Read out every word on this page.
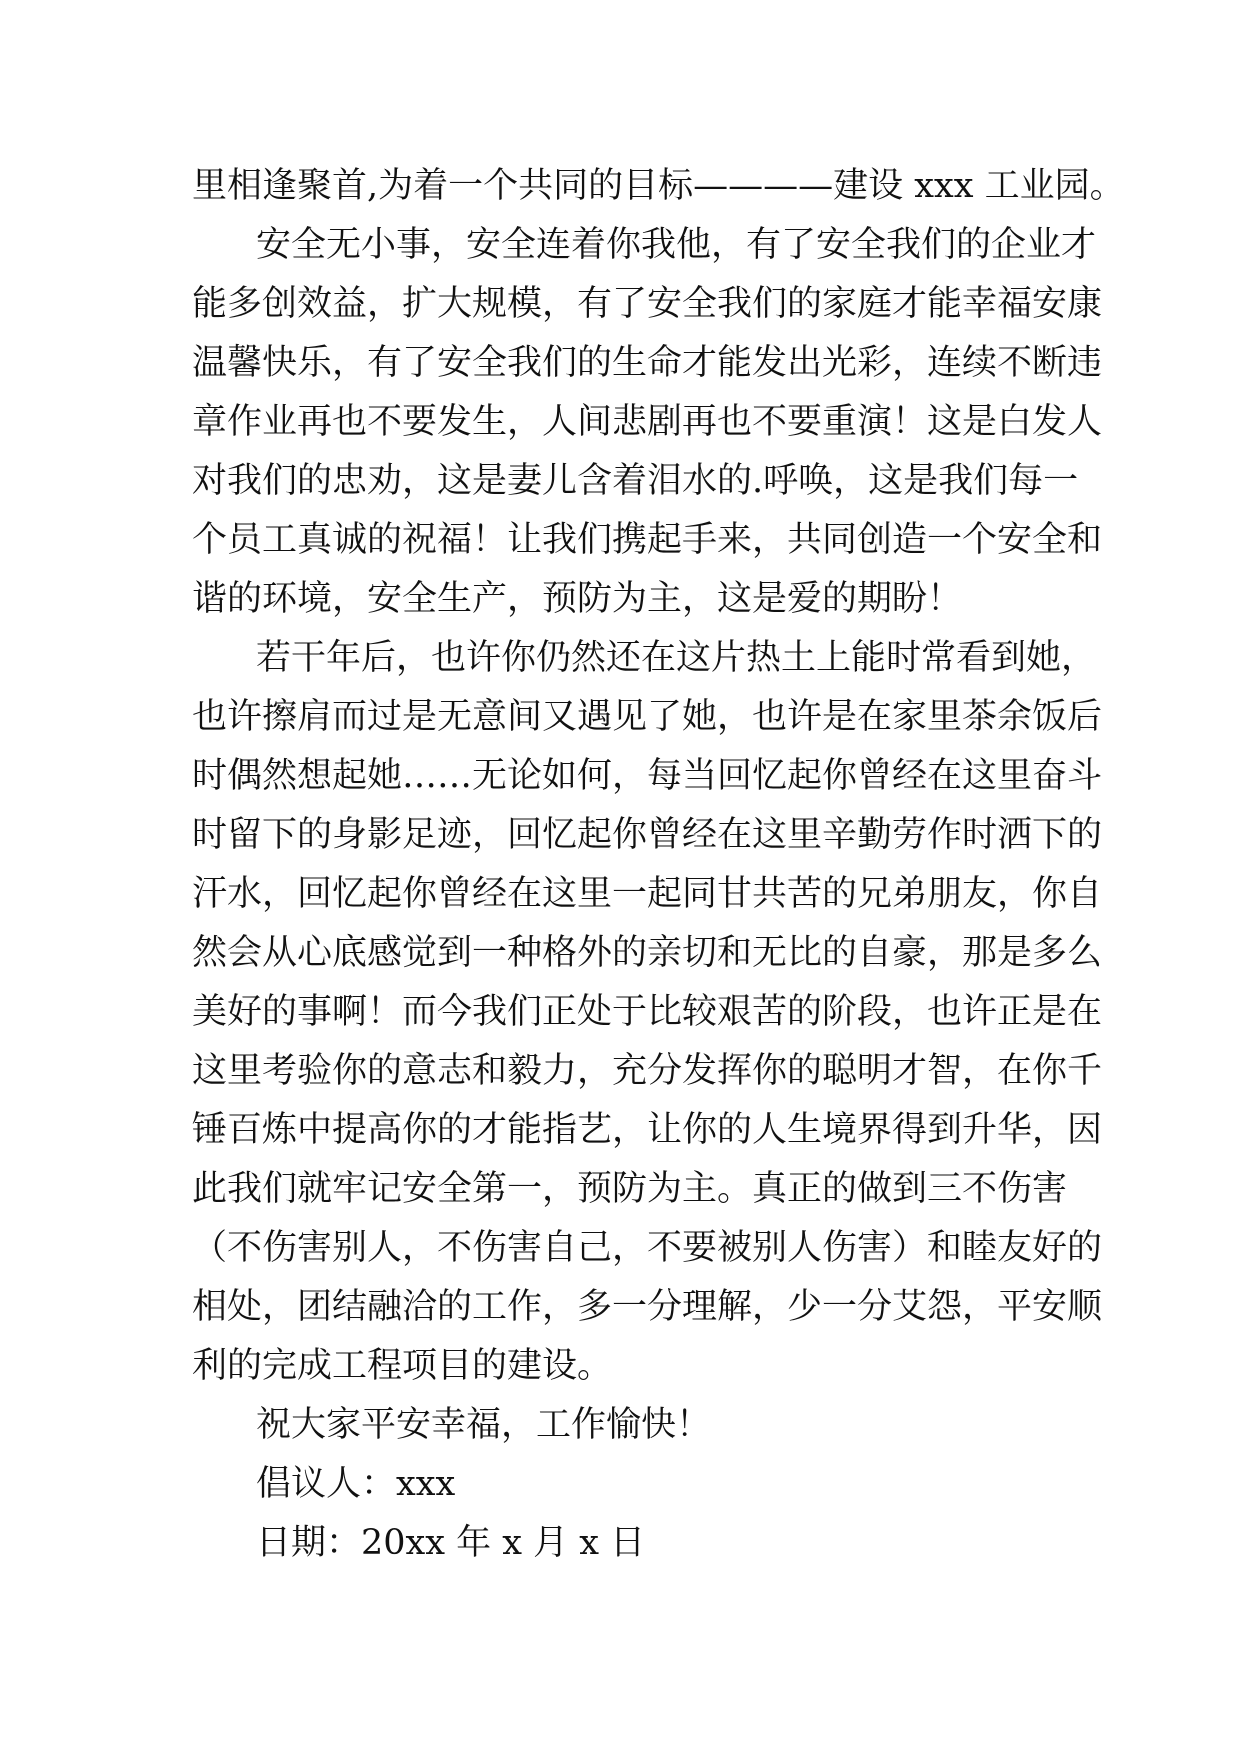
里相逢聚首,为着一个共同的目标————建设 xxx 工业园。
安全无小事，安全连着你我他，有了安全我们的企业才
能多创效益，扩大规模，有了安全我们的家庭才能幸福安康
温馨快乐，有了安全我们的生命才能发出光彩，连续不断违
章作业再也不要发生，人间悲剧再也不要重演！这是白发人
对我们的忠劝，这是妻儿含着泪水的.呼唤，这是我们每一
个员工真诚的祝福！让我们携起手来，共同创造一个安全和
谐的环境，安全生产，预防为主，这是爱的期盼！
若干年后，也许你仍然还在这片热土上能时常看到她，
也许擦肩而过是无意间又遇见了她，也许是在家里茶余饭后
时偶然想起她……无论如何，每当回忆起你曾经在这里奋斗
时留下的身影足迹，回忆起你曾经在这里辛勤劳作时洒下的
汗水，回忆起你曾经在这里一起同甘共苦的兄弟朋友，你自
然会从心底感觉到一种格外的亲切和无比的自豪，那是多么
美好的事啊！而今我们正处于比较艰苦的阶段，也许正是在
这里考验你的意志和毅力，充分发挥你的聪明才智，在你千
锤百炼中提高你的才能指艺，让你的人生境界得到升华，因
此我们就牢记安全第一，预防为主。真正的做到三不伤害
（不伤害别人，不伤害自己，不要被别人伤害）和睦友好的
相处，团结融洽的工作，多一分理解，少一分艾怨，平安顺
利的完成工程项目的建设。
祝大家平安幸福，工作愉快！
倡议人：xxx
日期：20xx 年 x 月 x 日
